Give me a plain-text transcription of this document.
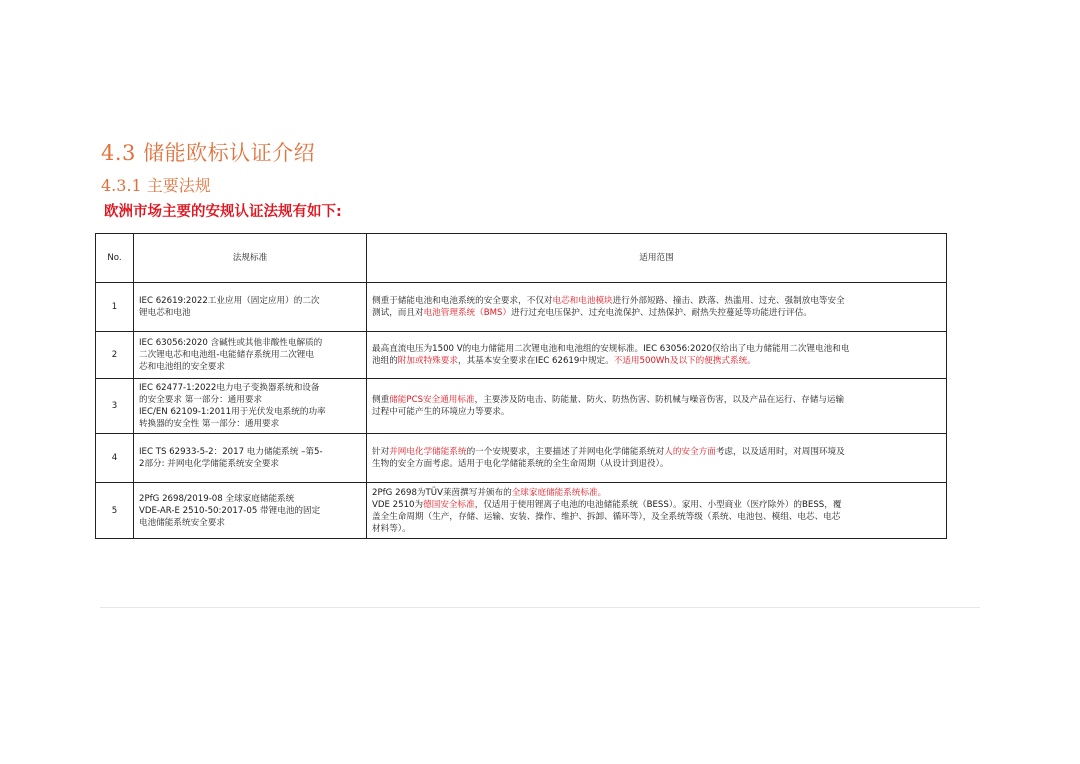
4.3 储能欧标认证介绍
4.3.1 主要法规
欧洲市场主要的安规认证法规有如下:
No.	法规标准	适用范围
1	IEC 62619:2022工业应用（固定应用）的二次
锂电芯和电池	侧重于储能电池和电池系统的安全要求，不仅对电芯和电池模块进行外部短路、撞击、跌落、热滥用、过充、强制放电等安全
测试，而且对电池管理系统（BMS）进行过充电压保护、过充电流保护、过热保护、耐热失控蔓延等功能进行评估。

2	IEC 63056:2020 含碱性或其他非酸性电解质的
二次锂电芯和电池组-电能储存系统用二次锂电
芯和电池组的安全要求	最高直流电压为1500 V的电力储能用二次锂电池和电池组的安规标准。IEC 63056:2020仅给出了电力储能用二次锂电池和电
池组的附加或特殊要求，其基本安全要求在IEC 62619中规定。不适用500Wh及以下的便携式系统。

3	IEC 62477-1:2022电力电子变换器系统和设备
的安全要求 第一部分：通用要求
IEC/EN 62109-1:2011用于光伏发电系统的功率
转换器的安全性 第一部分：通用要求	侧重储能PCS安全通用标准，主要涉及防电击、防能量、防火、防热伤害、防机械与噪音伤害，以及产品在运行、存储与运输
过程中可能产生的环境应力等要求。

4	IEC TS 62933-5-2：2017 电力储能系统 –第5-
2部分: 并网电化学储能系统安全要求	针对并网电化学储能系统的一个安规要求，主要描述了并网电化学储能系统对人的安全方面考虑，以及适用时，对周围环境及
生物的安全方面考虑。适用于电化学储能系统的全生命周期（从设计到退役）。

5	2PfG 2698/2019-08 全球家庭储能系统
VDE-AR-E 2510-50:2017-05 带锂电池的固定
电池储能系统安全要求	2PfG 2698为TÜV莱茵撰写并颁布的全球家庭储能系统标准。
VDE 2510为德国安全标准，仅适用于使用锂离子电池的电池储能系统（BESS）。家用、小型商业（医疗除外）的BESS，覆
盖全生命周期（生产，存储、运输、安装、操作、维护、拆卸、循环等），及全系统等级（系统、电池包、模组、电芯、电芯
材料等）。
